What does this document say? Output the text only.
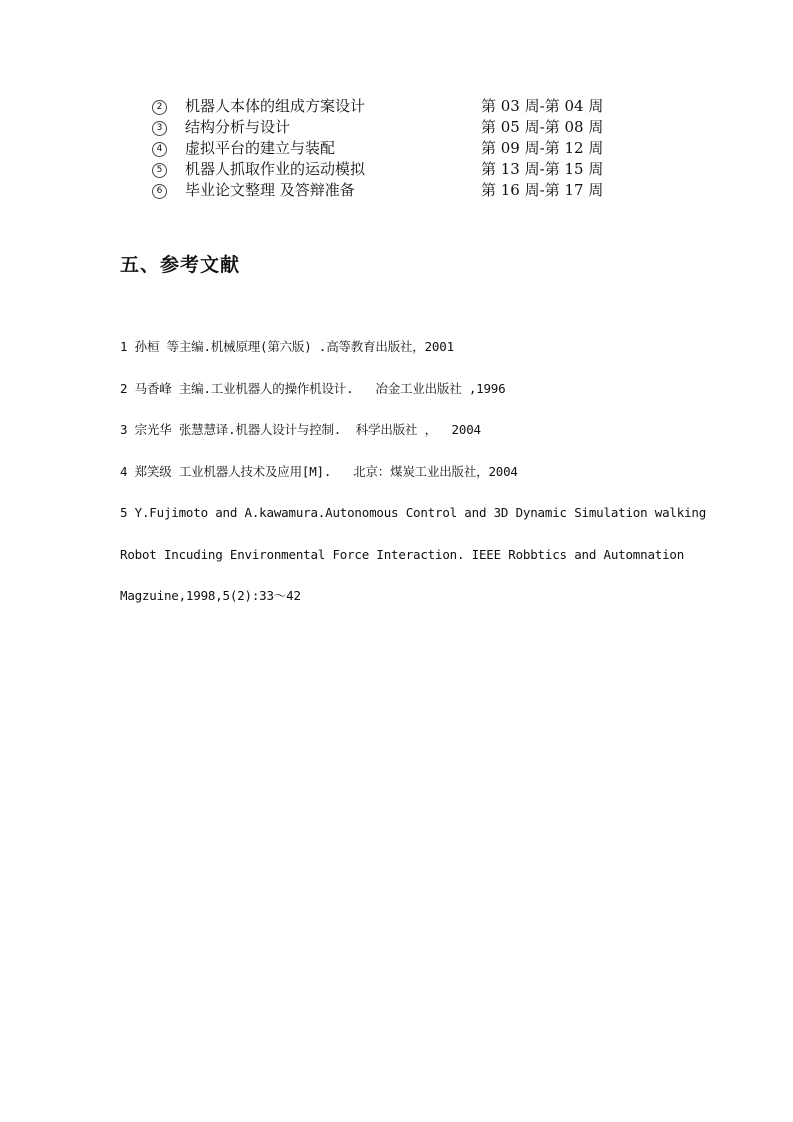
2	机器人本体的组成方案设计	第 03 周-第 04 周
3	结构分析与设计	第 05 周-第 08 周
4	虚拟平台的建立与装配	第 09 周-第 12 周
5	机器人抓取作业的运动模拟	第 13 周-第 15 周
6	毕业论文整理 及答辩准备	第 16 周-第 17 周
五、参考文献
1 孙桓 等主编.机械原理(第六版) .高等教育出版社，2001
2 马香峰 主编.工业机器人的操作机设计.   冶金工业出版社 ,1996
3 宗光华 张慧慧译.机器人设计与控制.  科学出版社 ，  2004
4 郑笑级 工业机器人技术及应用[M].   北京：煤炭工业出版社，2004
5 Y.Fujimoto and A.kawamura.Autonomous Control and 3D Dynamic Simulation walking
Robot Incuding Environmental Force Interaction. IEEE Robbtics and Automnation
Magzuine,1998,5(2):33～42
